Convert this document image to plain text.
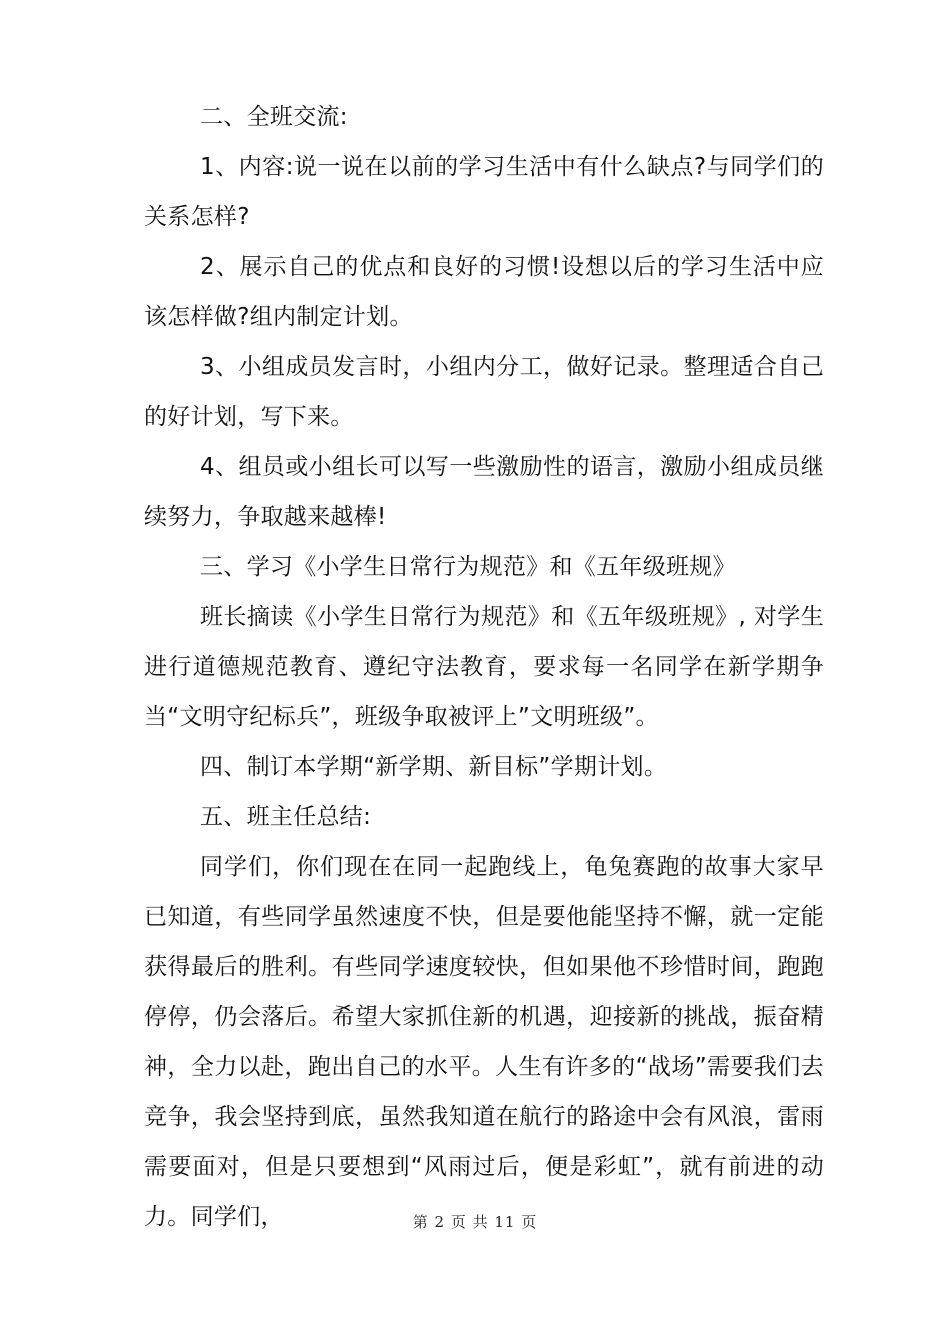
二、全班交流:

1、内容:说一说在以前的学习生活中有什么缺点?与同学们的关系怎样?

2、展示自己的优点和良好的习惯!设想以后的学习生活中应该怎样做?组内制定计划。

3、小组成员发言时，小组内分工，做好记录。整理适合自己的好计划，写下来。

4、组员或小组长可以写一些激励性的语言，激励小组成员继续努力，争取越来越棒!

三、学习《小学生日常行为规范》和《五年级班规》

班长摘读《小学生日常行为规范》和《五年级班规》, 对学生进行道德规范教育、遵纪守法教育，要求每一名同学在新学期争当“文明守纪标兵”，班级争取被评上”文明班级”。

四、制订本学期“新学期、新目标”学期计划。

五、班主任总结:

同学们，你们现在在同一起跑线上，龟兔赛跑的故事大家早已知道，有些同学虽然速度不快，但是要他能坚持不懈，就一定能获得最后的胜利。有些同学速度较快，但如果他不珍惜时间，跑跑停停，仍会落后。希望大家抓住新的机遇，迎接新的挑战，振奋精神，全力以赴，跑出自己的水平。人生有许多的“战场”需要我们去竞争，我会坚持到底，虽然我知道在航行的路途中会有风浪，雷雨需要面对，但是只要想到“风雨过后，便是彩虹”，就有前进的动力。同学们，	第 2 页 共 11 页
